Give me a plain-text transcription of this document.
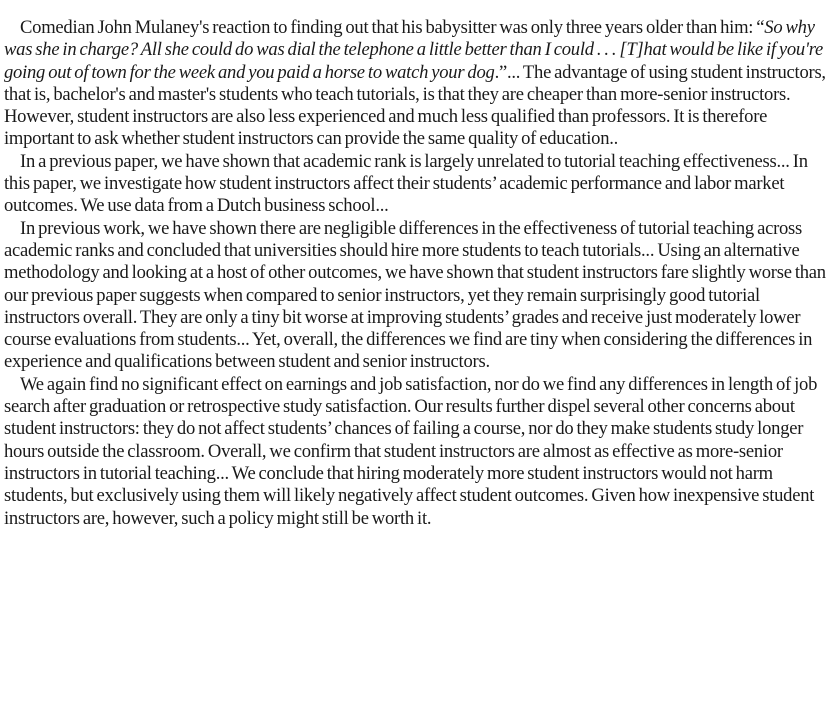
Comedian John Mulaney's reaction to finding out that his babysitter was only three years older than him: “So why was she in charge? All she could do was dial the telephone a little better than I could . . . [T]hat would be like if you're going out of town for the week and you paid a horse to watch your dog.”... The advantage of using student instructors, that is, bachelor's and master's students who teach tutorials, is that they are cheaper than more-senior instructors. However, student instructors are also less experienced and much less qualified than professors. It is therefore important to ask whether student instructors can provide the same quality of education..

In a previous paper, we have shown that academic rank is largely unrelated to tutorial teaching effectiveness... In this paper, we investigate how student instructors affect their students’ academic performance and labor market outcomes. We use data from a Dutch business school...

In previous work, we have shown there are negligible differences in the effectiveness of tutorial teaching across academic ranks and concluded that universities should hire more students to teach tutorials... Using an alternative methodology and looking at a host of other outcomes, we have shown that student instructors fare slightly worse than our previous paper suggests when compared to senior instructors, yet they remain surprisingly good tutorial instructors overall. They are only a tiny bit worse at improving students’ grades and receive just moderately lower course evaluations from students... Yet, overall, the differences we find are tiny when considering the differences in experience and qualifications between student and senior instructors.

We again find no significant effect on earnings and job satisfaction, nor do we find any differences in length of job search after graduation or retrospective study satisfaction. Our results further dispel several other concerns about student instructors: they do not affect students’ chances of failing a course, nor do they make students study longer hours outside the classroom. Overall, we confirm that student instructors are almost as effective as more-senior instructors in tutorial teaching... We conclude that hiring moderately more student instructors would not harm students, but exclusively using them will likely negatively affect student outcomes. Given how inexpensive student instructors are, however, such a policy might still be worth it.
